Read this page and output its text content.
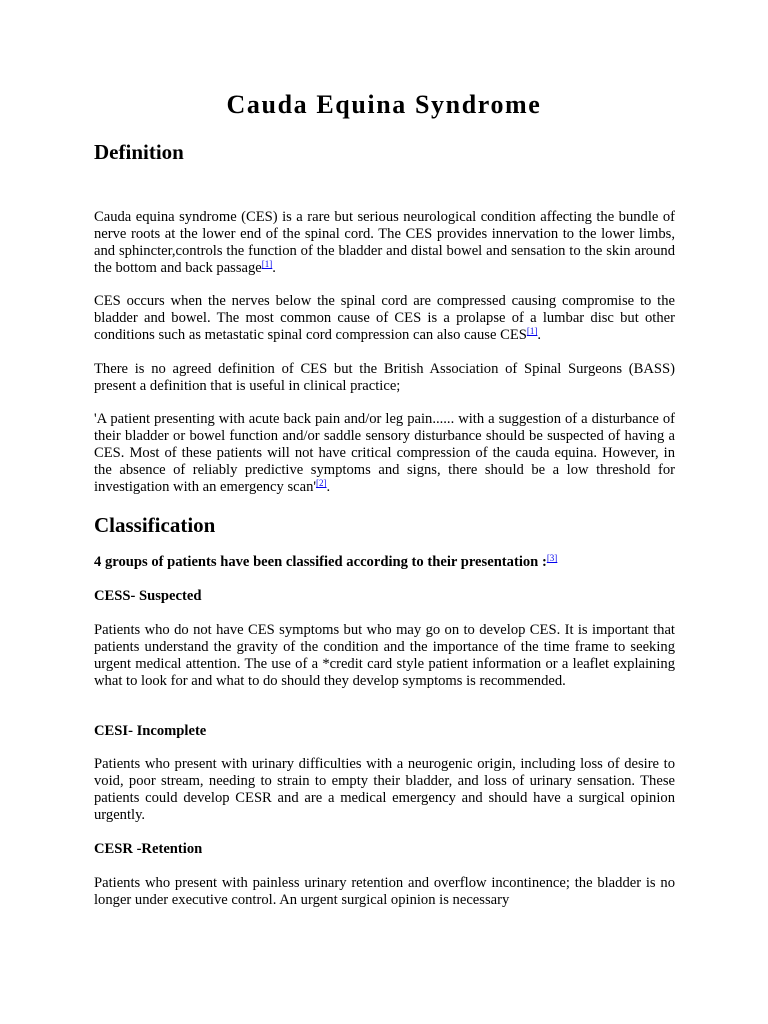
Cauda Equina Syndrome
Definition

Cauda equina syndrome (CES) is a rare but serious neurological condition affecting the bundle of nerve roots at the lower end of the spinal cord. The CES provides innervation to the lower limbs, and sphincter,controls the function of the bladder and distal bowel and sensation to the skin around the bottom and back passage[1].

CES occurs when the nerves below the spinal cord are compressed causing compromise to the bladder and bowel. The most common cause of CES is a prolapse of a lumbar disc but other conditions such as metastatic spinal cord compression can also cause CES[1].

There is no agreed definition of CES but the British Association of Spinal Surgeons (BASS) present a definition that is useful in clinical practice;

'A patient presenting with acute back pain and/or leg pain...... with a suggestion of a disturbance of their bladder or bowel function and/or saddle sensory disturbance should be suspected of having a CES. Most of these patients will not have critical compression of the cauda equina. However, in the absence of reliably predictive symptoms and signs, there should be a low threshold for investigation with an emergency scan'[2].

Classification

4 groups of patients have been classified according to their presentation :[3]

CESS- Suspected

Patients who do not have CES symptoms but who may go on to develop CES. It is important that patients understand the gravity of the condition and the importance of the time frame to seeking urgent medical attention. The use of a *credit card style patient information or a leaflet explaining what to look for and what to do should they develop symptoms is recommended.

CESI- Incomplete

Patients who present with urinary difficulties with a neurogenic origin, including loss of desire to void, poor stream, needing to strain to empty their bladder, and loss of urinary sensation. These patients could develop CESR and are a medical emergency and should have a surgical opinion urgently.

CESR -Retention

Patients who present with painless urinary retention and overflow incontinence; the bladder is no longer under executive control. An urgent surgical opinion is necessary
